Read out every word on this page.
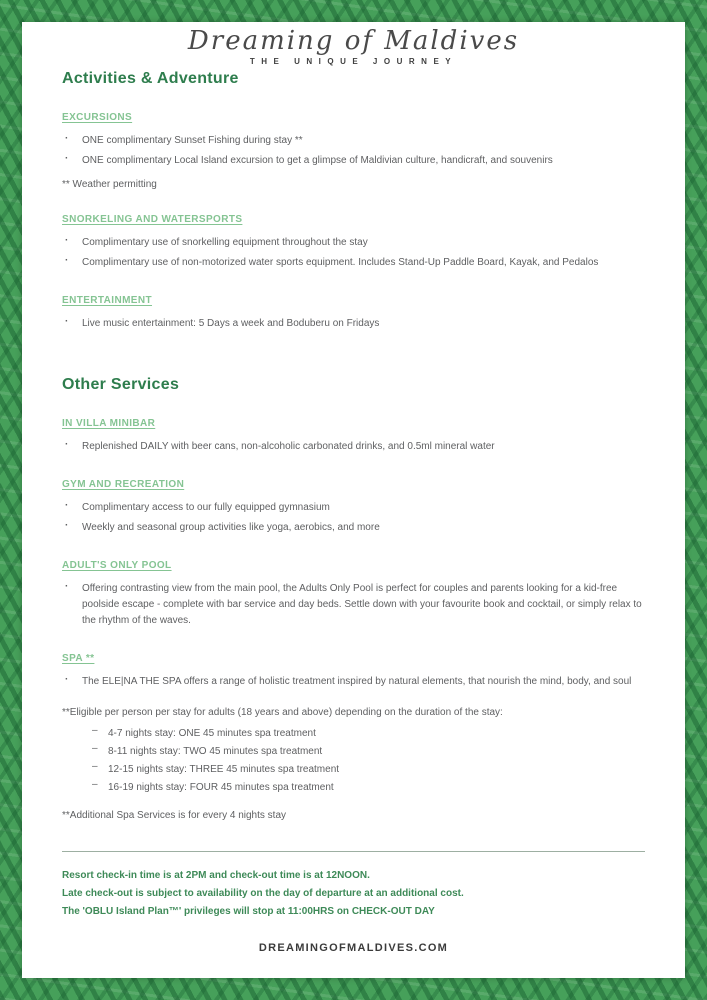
Dreaming of Maldives
THE UNIQUE JOURNEY
Activities & Adventure
EXCURSIONS
· ONE complimentary Sunset Fishing during stay **
· ONE complimentary Local Island excursion to get a glimpse of Maldivian culture, handicraft, and souvenirs
** Weather permitting
SNORKELING AND WATERSPORTS
· Complimentary use of snorkelling equipment throughout the stay
· Complimentary use of non-motorized water sports equipment. Includes Stand-Up Paddle Board, Kayak, and Pedalos
ENTERTAINMENT
· Live music entertainment: 5 Days a week and Boduberu on Fridays
Other Services
IN VILLA MINIBAR
· Replenished DAILY with beer cans, non-alcoholic carbonated drinks, and 0.5ml mineral water
GYM AND RECREATION
· Complimentary access to our fully equipped gymnasium
· Weekly and seasonal group activities like yoga, aerobics, and more
ADULT'S ONLY POOL
· Offering contrasting view from the main pool, the Adults Only Pool is perfect for couples and parents looking for a kid-free poolside escape - complete with bar service and day beds. Settle down with your favourite book and cocktail, or simply relax to the rhythm of the waves.
SPA **
· The ELE|NA THE SPA offers a range of holistic treatment inspired by natural elements, that nourish the mind, body, and soul
**Eligible per person per stay for adults (18 years and above) depending on the duration of the stay:
– 4-7 nights stay: ONE 45 minutes spa treatment
– 8-11 nights stay: TWO 45 minutes spa treatment
– 12-15 nights stay: THREE 45 minutes spa treatment
– 16-19 nights stay: FOUR 45 minutes spa treatment
**Additional Spa Services is for every 4 nights stay
Resort check-in time is at 2PM and check-out time is at 12NOON.
Late check-out is subject to availability on the day of departure at an additional cost.
The 'OBLU Island Plan™' privileges will stop at 11:00HRS on CHECK-OUT DAY
DREAMINGOFMALDIVES.COM
